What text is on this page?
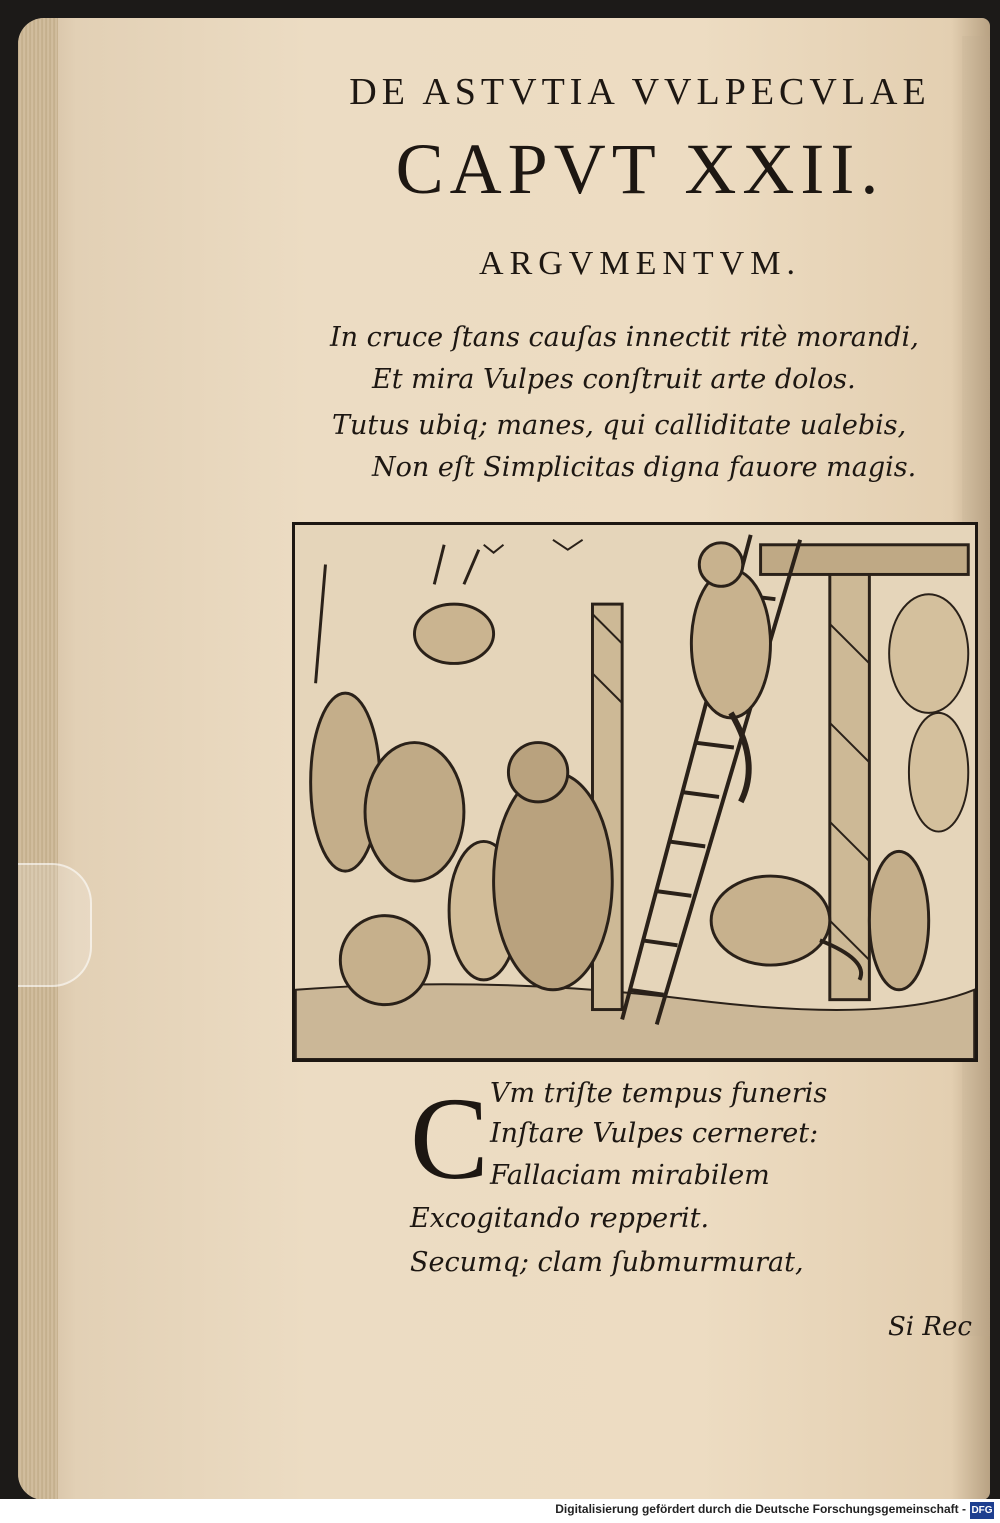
DE ASTVTIA VVLPECVLAE
CAPVT XXII.
ARGVMENTVM.
In cruce ſtans cauſas innectit ritè morandi,
Et mira Vulpes conſtruit arte dolos.
Tutus ubiq; manes, qui calliditate ualebis,
Non eſt Simplicitas digna fauore magis.
C Vm triſte tempus funeris
Inſtare Vulpes cerneret:
Fallaciam mirabilem
Excogitando repperit.
Secumq; clam ſubmurmurat,
Si Rec
Digitalisierung gefördert durch die Deutsche Forschungsgemeinschaft - DFG
